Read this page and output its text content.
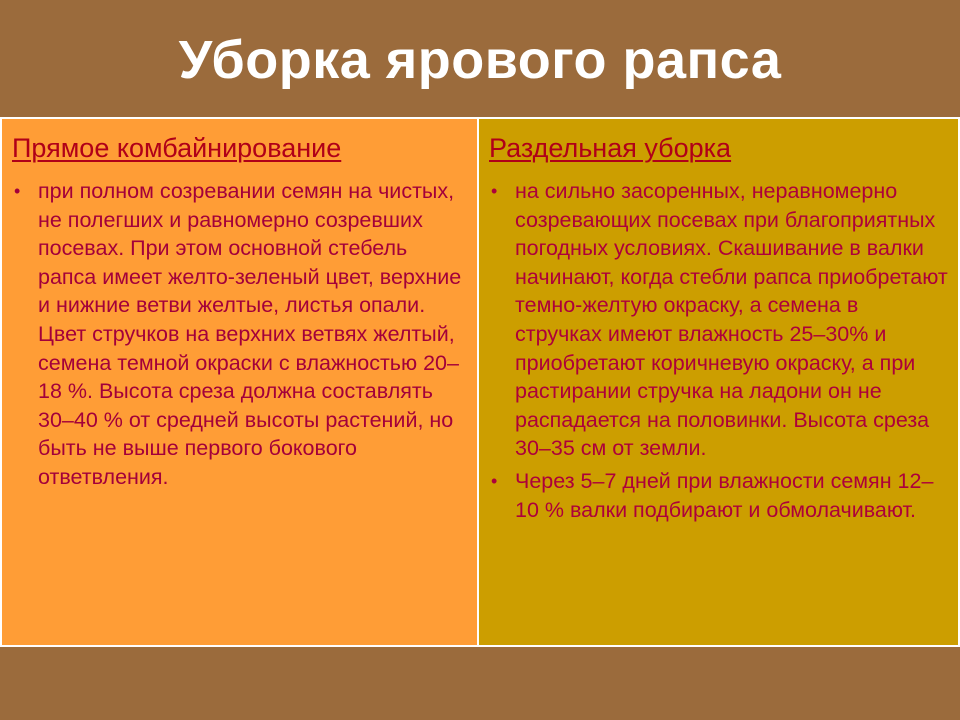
Уборка ярового рапса
Прямое комбайнирование
• при полном созревании семян на чистых, не полегших и равномерно созревших посевах. При этом основной стебель рапса имеет желто-зеленый цвет, верхние и нижние ветви желтые, листья опали. Цвет стручков на верхних ветвях желтый, семена темной окраски с влажностью 20–18 %. Высота среза должна составлять 30–40 % от средней высоты растений, но быть не выше первого бокового ответвления.
Раздельная уборка
• на сильно засоренных, неравномерно созревающих посевах при благоприятных погодных условиях. Скашивание в валки начинают, когда стебли рапса приобретают темно-желтую окраску, а семена в стручках имеют влажность 25–30% и приобретают коричневую окраску, а при растирании стручка на ладони он не распадается на половинки. Высота среза 30–35 см от земли.
• Через 5–7 дней при влажности семян 12–10 % валки подбирают и обмолачивают.
